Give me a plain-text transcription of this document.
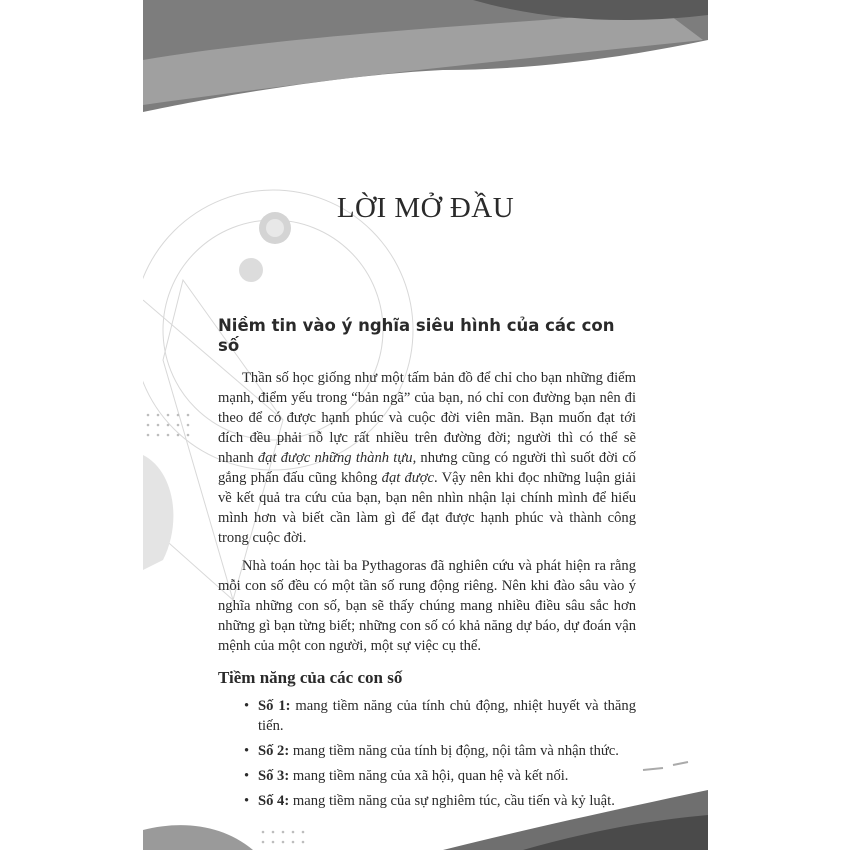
LỜI MỞ ĐẦU
Niềm tin vào ý nghĩa siêu hình của các con số

Thần số học giống như một tấm bản đồ để chỉ cho bạn những điểm mạnh, điểm yếu trong “bản ngã” của bạn, nó chỉ con đường bạn nên đi theo để có được hạnh phúc và cuộc đời viên mãn. Bạn muốn đạt tới đích đều phải nỗ lực rất nhiều trên đường đời; người thì có thể sẽ nhanh đạt được những thành tựu, nhưng cũng có người thì suốt đời cố gắng phấn đấu cũng không đạt được. Vậy nên khi đọc những luận giải về kết quả tra cứu của bạn, bạn nên nhìn nhận lại chính mình để hiểu mình hơn và biết cần làm gì để đạt được hạnh phúc và thành công trong cuộc đời.

Nhà toán học tài ba Pythagoras đã nghiên cứu và phát hiện ra rằng mỗi con số đều có một tần số rung động riêng. Nên khi đào sâu vào ý nghĩa những con số, bạn sẽ thấy chúng mang nhiều điều sâu sắc hơn những gì bạn từng biết; những con số có khả năng dự báo, dự đoán vận mệnh của một con người, một sự việc cụ thể.

Tiềm năng của các con số
• Số 1: mang tiềm năng của tính chủ động, nhiệt huyết và thăng tiến.
• Số 2: mang tiềm năng của tính bị động, nội tâm và nhận thức.
• Số 3: mang tiềm năng của xã hội, quan hệ và kết nối.
• Số 4: mang tiềm năng của sự nghiêm túc, cầu tiến và kỷ luật.
